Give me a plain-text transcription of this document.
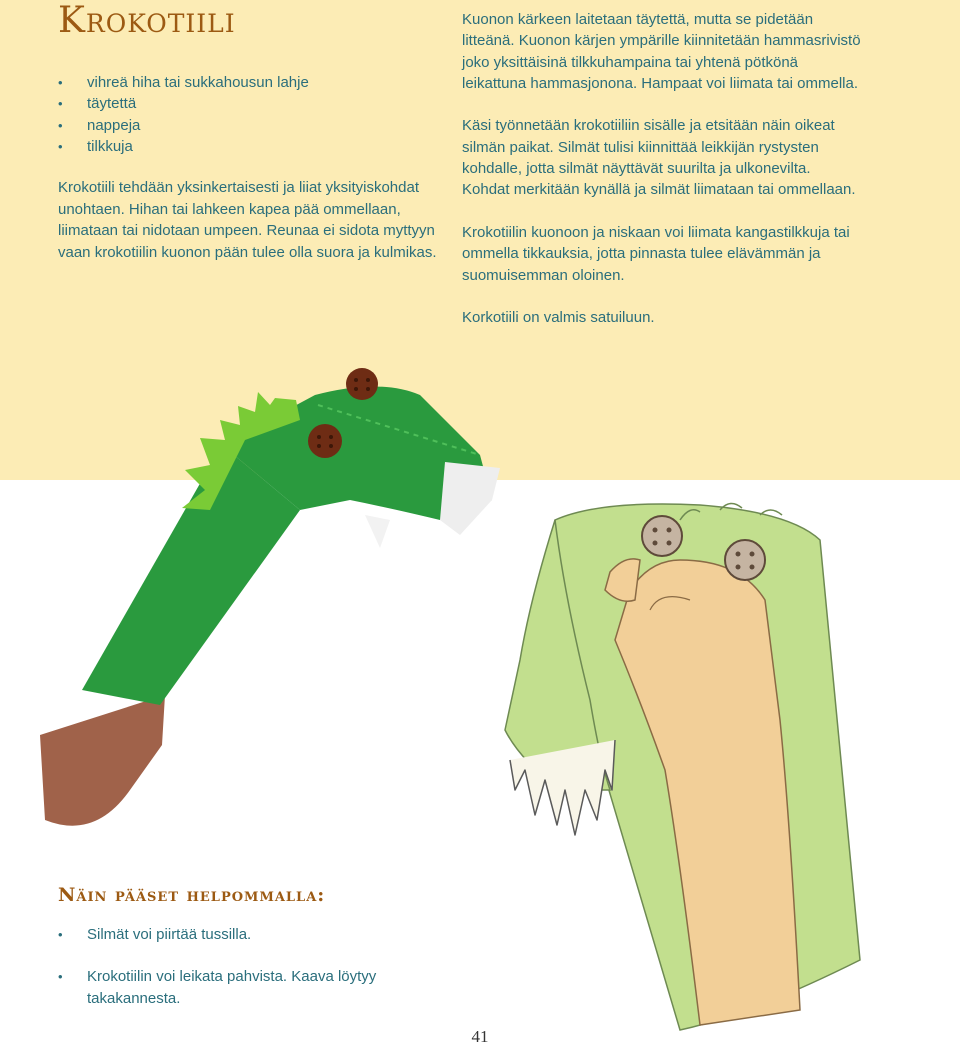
Krokotiili
• vihreä hiha tai sukkahousun lahje
• täytettä
• nappeja
• tilkkuja

Krokotiili tehdään yksinkertaisesti ja liiat yksityiskohdat unohtaen. Hihan tai lahkeen kapea pää ommellaan, liimataan tai nidotaan umpeen. Reunaa ei sidota myttyyn vaan krokotiilin kuonon pään tulee olla suora ja kulmikas.

Kuonon kärkeen laitetaan täytettä, mutta se pidetään litteänä. Kuonon kärjen ympärille kiinnitetään hammasrivistö joko yksittäisinä tilkkuhampaina tai yhtenä pötkönä leikattuna hammasjonona. Hampaat voi liimata tai ommella.

Käsi työnnetään krokotiiliin sisälle ja etsitään näin oikeat silmän paikat. Silmät tulisi kiinnittää leikkijän rystysten kohdalle, jotta silmät näyttävät suurilta ja ulkonevilta. Kohdat merkitään kynällä ja silmät liimataan tai ommellaan.

Krokotiilin kuonoon ja niskaan voi liimata kangastilkkuja tai ommella tikkauksia, jotta pinnasta tulee elävämmän ja suomuisemman oloinen.

Korkotiili on valmis satuiluun.

Näin pääset helpommalla:
• Silmät voi piirtää tussilla.
• Krokotiilin voi leikata pahvista. Kaava löytyy takakannesta.
41
